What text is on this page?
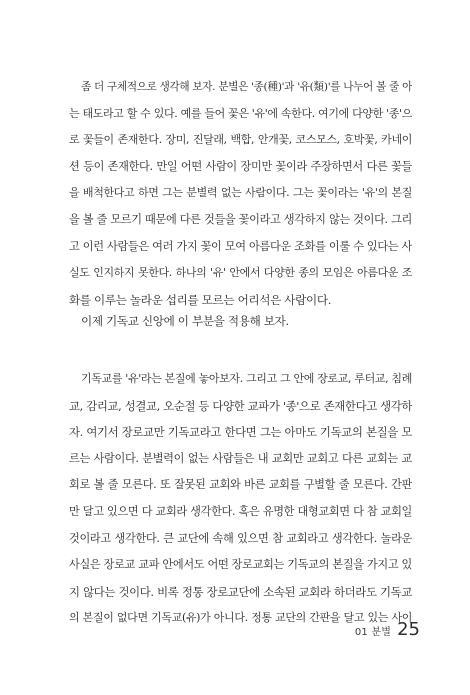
좀 더 구체적으로 생각해 보자. 분별은 '종(種)'과 '유(類)'를 나누어 볼 줄 아
는 태도라고 할 수 있다. 예를 들어 꽃은 '유'에 속한다. 여기에 다양한 '종'으
로 꽃들이 존재한다. 장미, 진달래, 백합, 안개꽃, 코스모스, 호박꽃, 카네이
션 등이 존재한다. 만일 어떤 사람이 장미만 꽃이라 주장하면서 다른 꽃들
을 배척한다고 하면 그는 분별력 없는 사람이다. 그는 꽃이라는 '유'의 본질
을 볼 줄 모르기 때문에 다른 것들을 꽃이라고 생각하지 않는 것이다. 그리
고 이런 사람들은 여러 가지 꽃이 모여 아름다운 조화를 이룰 수 있다는 사
실도 인지하지 못한다. 하나의 '유' 안에서 다양한 종의 모임은 아름다운 조
화를 이루는 놀라운 섭리를 모르는 어리석은 사람이다.

이제 기독교 신앙에 이 부분을 적용해 보자.

기독교를 '유'라는 본질에 놓아보자. 그리고 그 안에 장로교, 루터교, 침례
교, 감리교, 성결교, 오순절 등 다양한 교파가 '종'으로 존재한다고 생각하
자. 여기서 장로교만 기독교라고 한다면 그는 아마도 기독교의 본질을 모
르는 사람이다. 분별력이 없는 사람들은 내 교회만 교회고 다른 교회는 교
회로 볼 줄 모른다. 또 잘못된 교회와 바른 교회를 구별할 줄 모른다. 간판
만 달고 있으면 다 교회라 생각한다. 혹은 유명한 대형교회면 다 참 교회일
것이라고 생각한다. 큰 교단에 속해 있으면 참 교회라고 생각한다. 놀라운
사실은 장로교 교파 안에서도 어떤 장로교회는 기독교의 본질을 가지고 있
지 않다는 것이다. 비록 정통 장로교단에 소속된 교회라 하더라도 기독교
의 본질이 없다면 기독교(유)가 아니다. 정통 교단의 간판을 달고 있는 사이

01 분별 25
